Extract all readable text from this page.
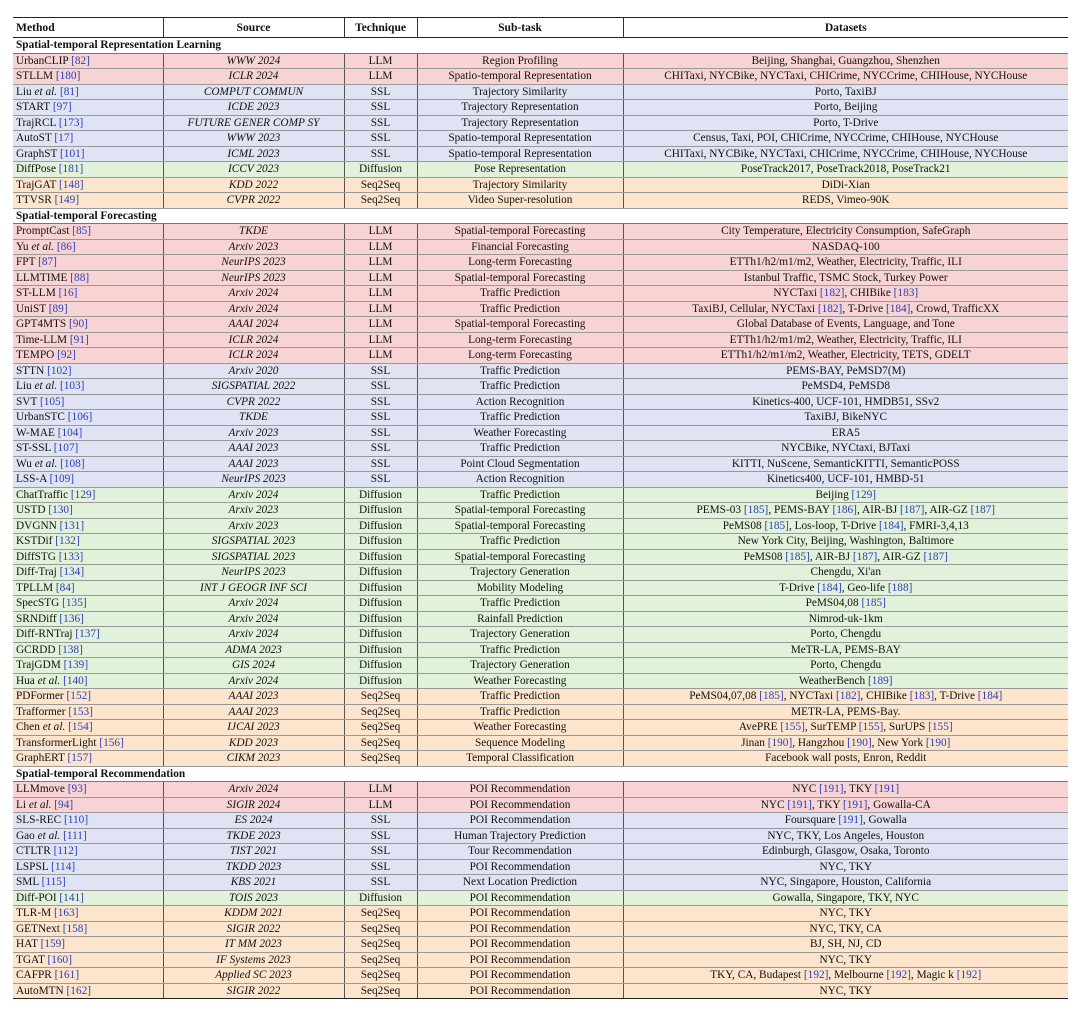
Method	Source	Technique	Sub-task	Datasets
Spatial-temporal Representation Learning				
UrbanCLIP [82]	WWW 2024	LLM	Region Profiling	Beijing, Shanghai, Guangzhou, Shenzhen
STLLM [180]	ICLR 2024	LLM	Spatio-temporal Representation	CHITaxi, NYCBike, NYCTaxi, CHICrime, NYCCrime, CHIHouse, NYCHouse
Liu et al. [81]	COMPUT COMMUN	SSL	Trajectory Similarity	Porto, TaxiBJ
START [97]	ICDE 2023	SSL	Trajectory Representation	Porto, Beijing
TrajRCL [173]	FUTURE GENER COMP SY	SSL	Trajectory Representation	Porto, T-Drive
AutoST [17]	WWW 2023	SSL	Spatio-temporal Representation	Census, Taxi, POI, CHICrime, NYCCrime, CHIHouse, NYCHouse
GraphST [101]	ICML 2023	SSL	Spatio-temporal Representation	CHITaxi, NYCBike, NYCTaxi, CHICrime, NYCCrime, CHIHouse, NYCHouse
DiffPose [181]	ICCV 2023	Diffusion	Pose Representation	PoseTrack2017, PoseTrack2018, PoseTrack21
TrajGAT [148]	KDD 2022	Seq2Seq	Trajectory Similarity	DiDi-Xian
TTVSR [149]	CVPR 2022	Seq2Seq	Video Super-resolution	REDS, Vimeo-90K
Spatial-temporal Forecasting				
PromptCast [85]	TKDE	LLM	Spatial-temporal Forecasting	City Temperature, Electricity Consumption, SafeGraph
Yu et al. [86]	Arxiv 2023	LLM	Financial Forecasting	NASDAQ-100
FPT [87]	NeurIPS 2023	LLM	Long-term Forecasting	ETTh1/h2/m1/m2, Weather, Electricity, Traffic, ILI
LLMTIME [88]	NeurIPS 2023	LLM	Spatial-temporal Forecasting	Istanbul Traffic, TSMC Stock, Turkey Power
ST-LLM [16]	Arxiv 2024	LLM	Traffic Prediction	NYCTaxi [182], CHIBike [183]
UniST [89]	Arxiv 2024	LLM	Traffic Prediction	TaxiBJ, Cellular, NYCTaxi [182], T-Drive [184], Crowd, TrafficXX
GPT4MTS [90]	AAAI 2024	LLM	Spatial-temporal Forecasting	Global Database of Events, Language, and Tone
Time-LLM [91]	ICLR 2024	LLM	Long-term Forecasting	ETTh1/h2/m1/m2, Weather, Electricity, Traffic, ILI
TEMPO [92]	ICLR 2024	LLM	Long-term Forecasting	ETTh1/h2/m1/m2, Weather, Electricity, TETS, GDELT
STTN [102]	Arxiv 2020	SSL	Traffic Prediction	PEMS-BAY, PeMSD7(M)
Liu et al. [103]	SIGSPATIAL 2022	SSL	Traffic Prediction	PeMSD4, PeMSD8
SVT [105]	CVPR 2022	SSL	Action Recognition	Kinetics-400, UCF-101, HMDB51, SSv2
UrbanSTC [106]	TKDE	SSL	Traffic Prediction	TaxiBJ, BikeNYC
W-MAE [104]	Arxiv 2023	SSL	Weather Forecasting	ERA5
ST-SSL [107]	AAAI 2023	SSL	Traffic Prediction	NYCBike, NYCtaxi, BJTaxi
Wu et al. [108]	AAAI 2023	SSL	Point Cloud Segmentation	KITTI, NuScene, SemanticKITTI, SemanticPOSS
LSS-A [109]	NeurIPS 2023	SSL	Action Recognition	Kinetics400, UCF-101, HMBD-51
ChatTraffic [129]	Arxiv 2024	Diffusion	Traffic Prediction	Beijing [129]
USTD [130]	Arxiv 2023	Diffusion	Spatial-temporal Forecasting	PEMS-03 [185], PEMS-BAY [186], AIR-BJ [187], AIR-GZ [187]
DVGNN [131]	Arxiv 2023	Diffusion	Spatial-temporal Forecasting	PeMS08 [185], Los-loop, T-Drive [184], FMRI-3,4,13
KSTDif [132]	SIGSPATIAL 2023	Diffusion	Traffic Prediction	New York City, Beijing, Washington, Baltimore
DiffSTG [133]	SIGSPATIAL 2023	Diffusion	Spatial-temporal Forecasting	PeMS08 [185], AIR-BJ [187], AIR-GZ [187]
Diff-Traj [134]	NeurIPS 2023	Diffusion	Trajectory Generation	Chengdu, Xi'an
TPLLM [84]	INT J GEOGR INF SCI	Diffusion	Mobility Modeling	T-Drive [184], Geo-life [188]
SpecSTG [135]	Arxiv 2024	Diffusion	Traffic Prediction	PeMS04,08 [185]
SRNDiff [136]	Arxiv 2024	Diffusion	Rainfall Prediction	Nimrod-uk-1km
Diff-RNTraj [137]	Arxiv 2024	Diffusion	Trajectory Generation	Porto, Chengdu
GCRDD [138]	ADMA 2023	Diffusion	Traffic Prediction	MeTR-LA, PEMS-BAY
TrajGDM [139]	GIS 2024	Diffusion	Trajectory Generation	Porto, Chengdu
Hua et al. [140]	Arxiv 2024	Diffusion	Weather Forecasting	WeatherBench [189]
PDFormer [152]	AAAI 2023	Seq2Seq	Traffic Prediction	PeMS04,07,08 [185], NYCTaxi [182], CHIBike [183], T-Drive [184]
Trafformer [153]	AAAI 2023	Seq2Seq	Traffic Prediction	METR-LA, PEMS-Bay.
Chen et al. [154]	IJCAI 2023	Seq2Seq	Weather Forecasting	AvePRE [155], SurTEMP [155], SurUPS [155]
TransformerLight [156]	KDD 2023	Seq2Seq	Sequence Modeling	Jinan [190], Hangzhou [190], New York [190]
GraphERT [157]	CIKM 2023	Seq2Seq	Temporal Classification	Facebook wall posts, Enron, Reddit
Spatial-temporal Recommendation				
LLMmove [93]	Arxiv 2024	LLM	POI Recommendation	NYC [191], TKY [191]
Li et al. [94]	SIGIR 2024	LLM	POI Recommendation	NYC [191], TKY [191], Gowalla-CA
SLS-REC [110]	ES 2024	SSL	POI Recommendation	Foursquare [191], Gowalla
Gao et al. [111]	TKDE 2023	SSL	Human Trajectory Prediction	NYC, TKY, Los Angeles, Houston
CTLTR [112]	TIST 2021	SSL	Tour Recommendation	Edinburgh, Glasgow, Osaka, Toronto
LSPSL [114]	TKDD 2023	SSL	POI Recommendation	NYC, TKY
SML [115]	KBS 2021	SSL	Next Location Prediction	NYC, Singapore, Houston, California
Diff-POI [141]	TOIS 2023	Diffusion	POI Recommendation	Gowalla, Singapore, TKY, NYC
TLR-M [163]	KDDM 2021	Seq2Seq	POI Recommendation	NYC, TKY
GETNext [158]	SIGIR 2022	Seq2Seq	POI Recommendation	NYC, TKY, CA
HAT [159]	IT MM 2023	Seq2Seq	POI Recommendation	BJ, SH, NJ, CD
TGAT [160]	IF Systems 2023	Seq2Seq	POI Recommendation	NYC, TKY
CAFPR [161]	Applied SC 2023	Seq2Seq	POI Recommendation	TKY, CA, Budapest [192], Melbourne [192], Magic k [192]
AutoMTN [162]	SIGIR 2022	Seq2Seq	POI Recommendation	NYC, TKY
